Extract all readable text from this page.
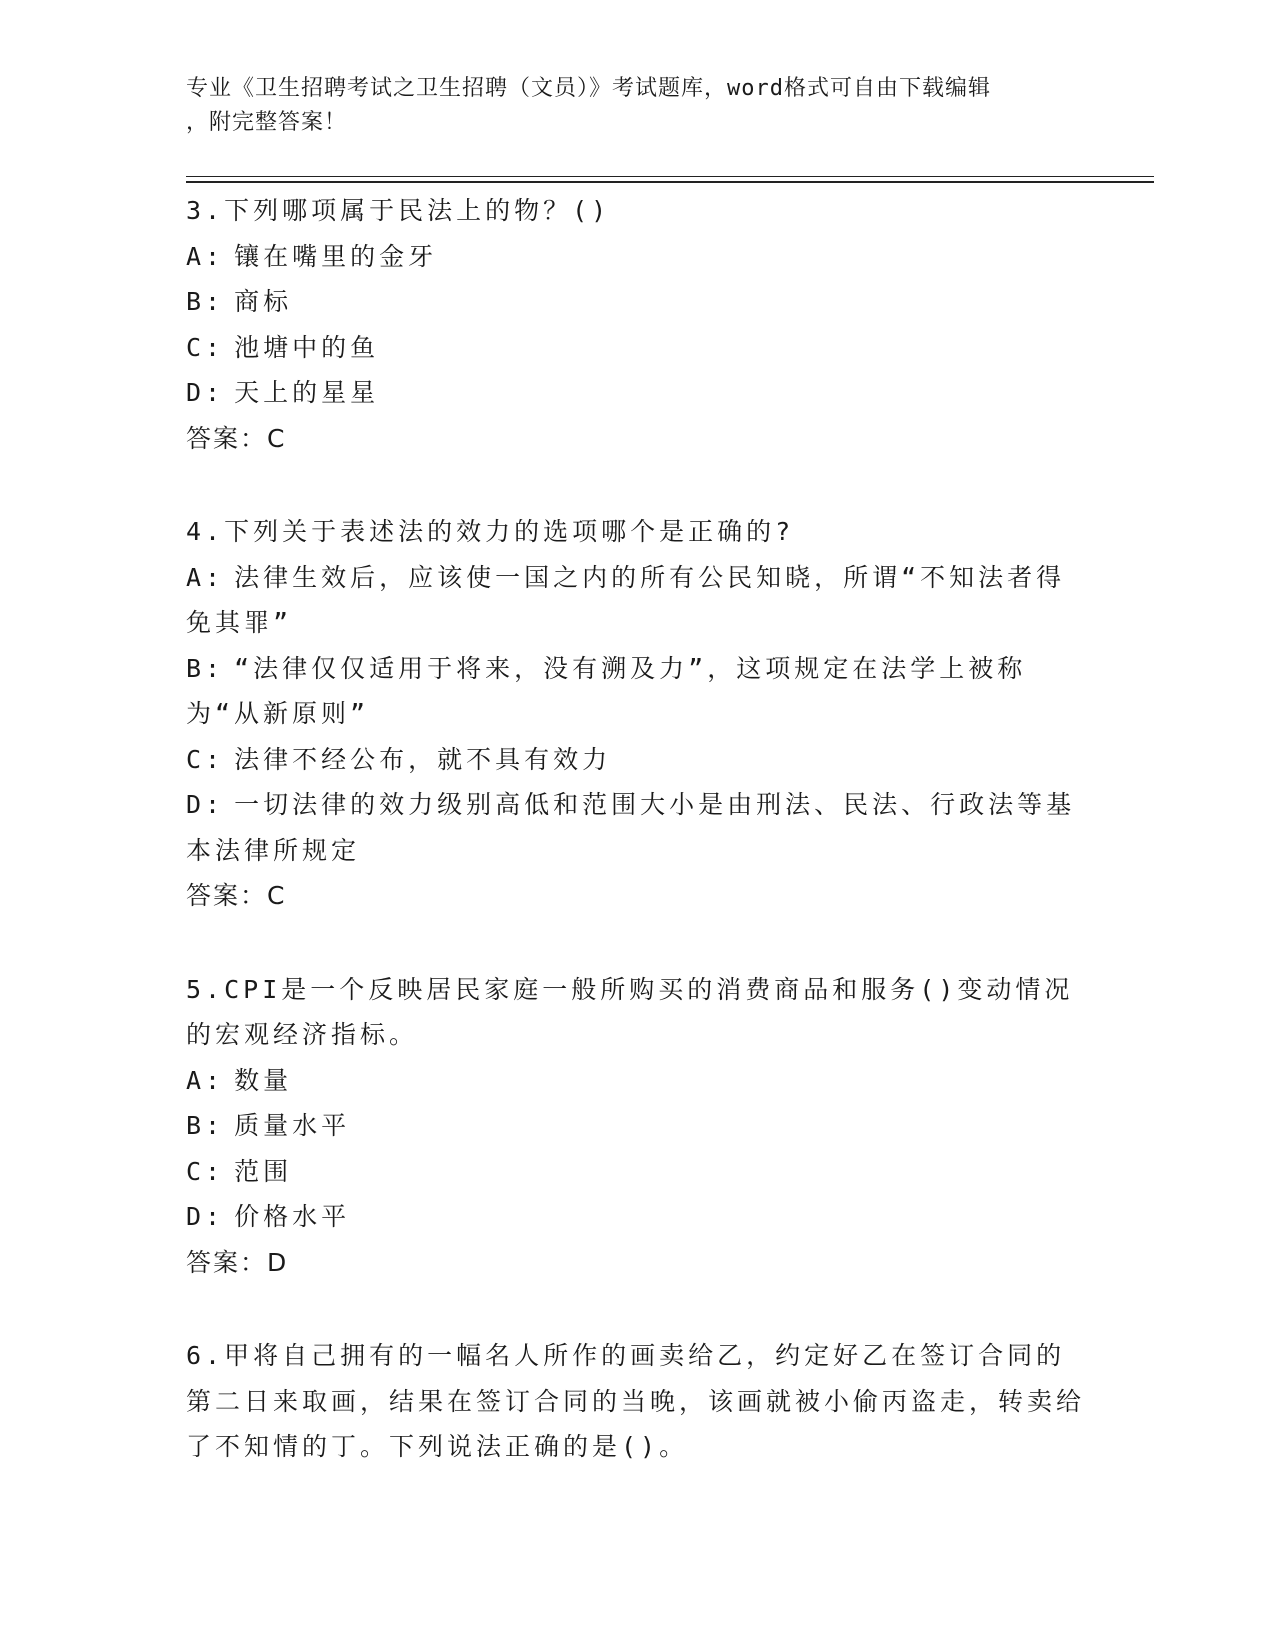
专业《卫生招聘考试之卫生招聘（文员）》考试题库，word格式可自由下载编辑
，附完整答案！

3.下列哪项属于民法上的物？()

A: 镶在嘴里的金牙

B: 商标

C: 池塘中的鱼

D: 天上的星星

答案：C

4.下列关于表述法的效力的选项哪个是正确的?

A: 法律生效后，应该使一国之内的所有公民知晓，所谓“不知法者得免其罪”

B: “法律仅仅适用于将来，没有溯及力”，这项规定在法学上被称为“从新原则”

C: 法律不经公布，就不具有效力

D: 一切法律的效力级别高低和范围大小是由刑法、民法、行政法等基本法律所规定

答案：C

5.CPI是一个反映居民家庭一般所购买的消费商品和服务()变动情况的宏观经济指标。

A: 数量

B: 质量水平

C: 范围

D: 价格水平

答案：D

6.甲将自己拥有的一幅名人所作的画卖给乙，约定好乙在签订合同的第二日来取画，结果在签订合同的当晚，该画就被小偷丙盗走，转卖给了不知情的丁。下列说法正确的是()。
